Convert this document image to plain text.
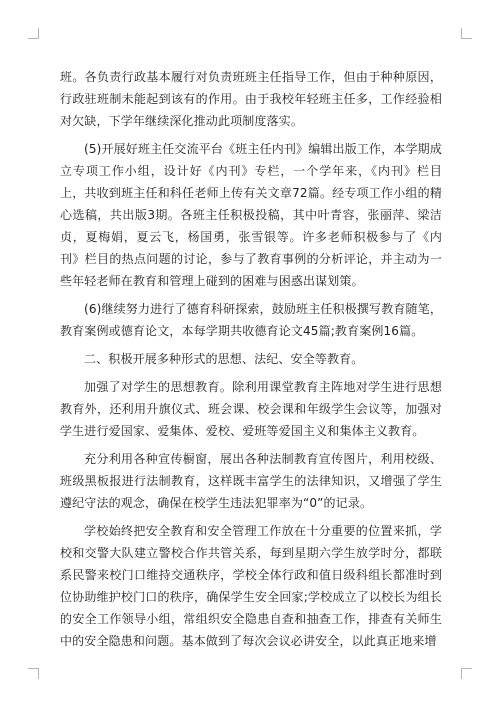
班。各负责行政基本履行对负责班班主任指导工作，但由于种种原因，行政驻班制未能起到该有的作用。由于我校年轻班主任多，工作经验相对欠缺，下学年继续深化推动此项制度落实。

(5)开展好班主任交流平台《班主任内刊》编辑出版工作，本学期成立专项工作小组，设计好《内刊》专栏，一个学年来，《内刊》栏目上，共收到班主任和科任老师上传有关文章72篇。经专项工作小组的精心选稿，共出版3期。各班主任积极投稿，其中叶青容，张丽萍、梁洁贞，夏梅娟，夏云飞，杨国勇，张雪银等。许多老师积极参与了《内刊》栏目的热点问题的讨论，参与了教育事例的分析评论，并主动为一些年轻老师在教育和管理上碰到的困难与困惑出谋划策。

(6)继续努力进行了德育科研探索，鼓励班主任积极撰写教育随笔，教育案例或德育论文，本每学期共收德育论文45篇;教育案例16篇。

二、积极开展多种形式的思想、法纪、安全等教育。

加强了对学生的思想教育。除利用课堂教育主阵地对学生进行思想教育外，还利用升旗仪式、班会课、校会课和年级学生会议等，加强对学生进行爱国家、爱集体、爱校、爱班等爱国主义和集体主义教育。

充分利用各种宣传橱窗，展出各种法制教育宣传图片，利用校级、班级黑板报进行法制教育，这样既丰富学生的法律知识，又增强了学生遵纪守法的观念，确保在校学生违法犯罪率为“0”的记录。

学校始终把安全教育和安全管理工作放在十分重要的位置来抓，学校和交警大队建立警校合作共管关系，每到星期六学生放学时分，都联系民警来校门口维持交通秩序，学校全体行政和值日级科组长都准时到位协助维护校门口的秩序，确保学生安全回家;学校成立了以校长为组长的安全工作领导小组，常组织安全隐患自查和抽查工作，排查有关师生中的安全隐患和问题。基本做到了每次会议必讲安全，以此真正地来增
